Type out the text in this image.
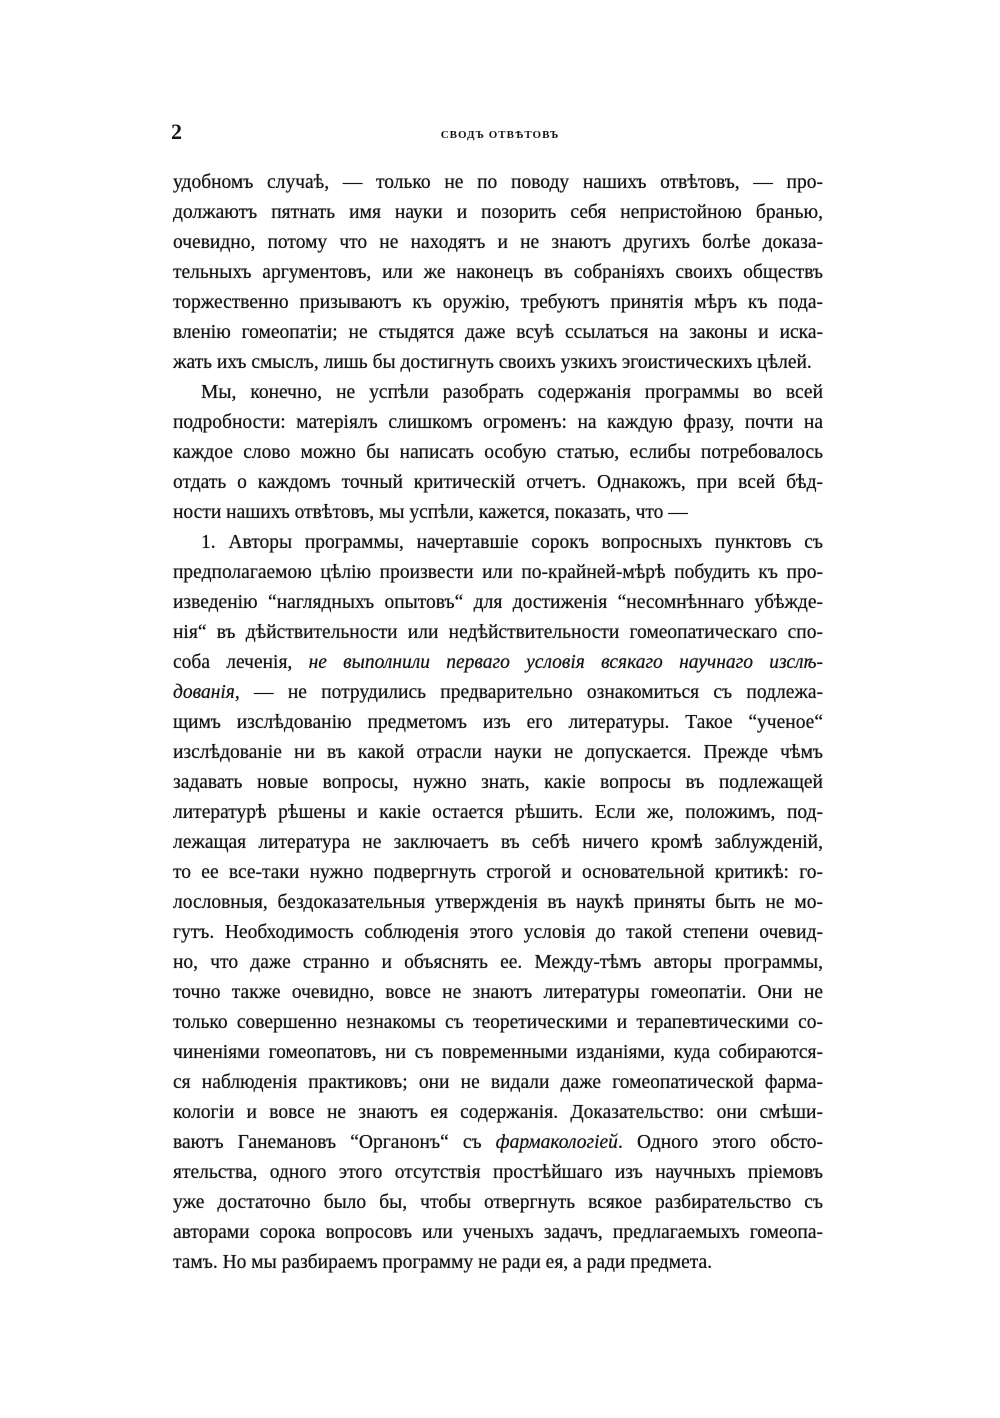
2	СВОДЪ ОТВѢТОВЪ
удобномъ случаѣ, — только не по поводу нашихъ отвѣтовъ, — про-
должаютъ пятнать имя науки и позорить себя непристойною бранью,
очевидно, потому что не находятъ и не знаютъ другихъ болѣе доказа-
тельныхъ аргументовъ, или же наконецъ въ собраніяхъ своихъ обществъ
торжественно призываютъ къ оружію, требуютъ принятія мѣръ къ пода-
вленію гомеопатіи; не стыдятся даже всуѣ ссылаться на законы и иска-
жать ихъ смыслъ, лишь бы достигнуть своихъ узкихъ эгоистическихъ цѣлей.
Мы, конечно, не успѣли разобрать содержанія программы во всей
подробности: матеріялъ слишкомъ огроменъ: на каждую фразу, почти на
каждое слово можно бы написать особую статью, еслибы потребовалось
отдать о каждомъ точный критическій отчетъ. Однакожъ, при всей бѣд-
ности нашихъ отвѣтовъ, мы успѣли, кажется, показать, что —
1. Авторы программы, начертавшіе сорокъ вопросныхъ пунктовъ съ
предполагаемою цѣлію произвести или по-крайней-мѣрѣ побудить къ про-
изведенію “наглядныхъ опытовъ“ для достиженія “несомнѣннаго убѣжде-
нія“ въ дѣйствительности или недѣйствительности гомеопатическаго спо-
соба леченія, не выполнили перваго условія всякаго научнаго изслѣ-
дованія, — не потрудились предварительно ознакомиться съ подлежа-
щимъ изслѣдованію предметомъ изъ его литературы. Такое “ученое“
изслѣдованіе ни въ какой отрасли науки не допускается. Прежде чѣмъ
задавать новые вопросы, нужно знать, какіе вопросы въ подлежащей
литературѣ рѣшены и какіе остается рѣшить. Если же, положимъ, под-
лежащая литература не заключаетъ въ себѣ ничего кромѣ заблужденій,
то ее все-таки нужно подвергнуть строгой и основательной критикѣ: го-
лословныя, бездоказательныя утвержденія въ наукѣ приняты быть не мо-
гутъ. Необходимость соблюденія этого условія до такой степени очевид-
но, что даже странно и объяснять ее. Между-тѣмъ авторы программы,
точно также очевидно, вовсе не знаютъ литературы гомеопатіи. Они не
только совершенно незнакомы съ теоретическими и терапевтическими со-
чиненіями гомеопатовъ, ни съ повременными изданіями, куда собираются-
ся наблюденія практиковъ; они не видали даже гомеопатической фарма-
кологіи и вовсе не знаютъ ея содержанія. Доказательство: они смѣши-
ваютъ Ганемановъ “Органонъ“ съ фармакологіей. Одного этого обсто-
ятельства, одного этого отсутствія простѣйшаго изъ научныхъ пріемовъ
уже достаточно было бы, чтобы отвергнуть всякое разбирательство съ
авторами сорока вопросовъ или ученыхъ задачъ, предлагаемыхъ гомеопа-
тамъ. Но мы разбираемъ программу не ради ея, а ради предмета.
